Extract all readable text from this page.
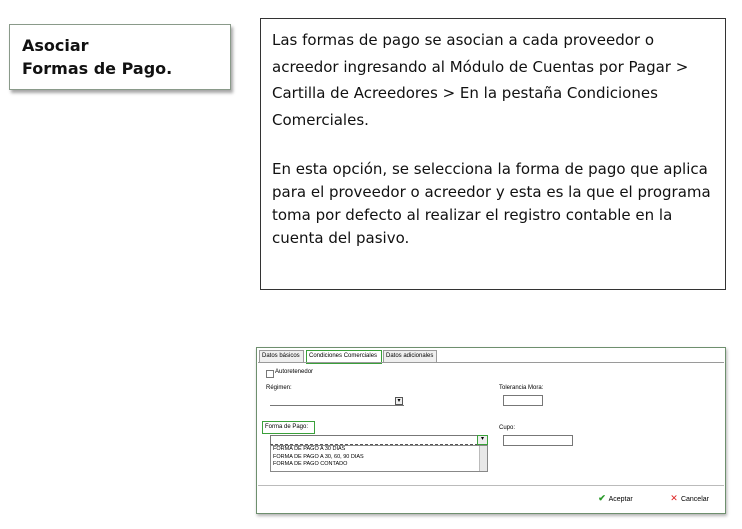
Asociar
Formas de Pago.

Las formas de pago se asocian a cada proveedor o
acreedor ingresando al Módulo de Cuentas por Pagar >
Cartilla de Acreedores > En la pestaña Condiciones
Comerciales.

En esta opción, se selecciona la forma de pago que aplica
para el proveedor o acreedor y esta es la que el programa
toma por defecto al realizar el registro contable en la
cuenta del pasivo.

Datos básicos	Condiciones Comerciales	Datos adicionales
Autoretenedor
Régimen:
▾
Tolerancia Mora:
Forma de Pago:
▾
FORMA DE PAGO A 30 DIAS
FORMA DE PAGO A 30, 60, 90 DIAS
FORMA DE PAGO CONTADO
Cupo:
✔ Aceptar	✕ Cancelar
